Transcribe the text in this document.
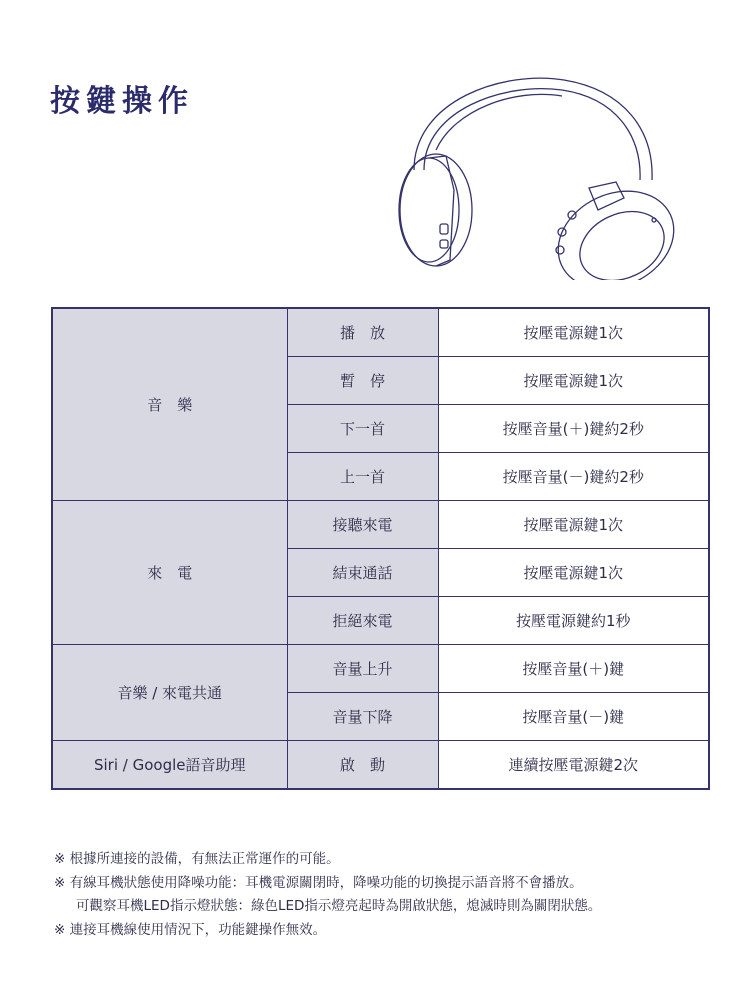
按鍵操作
音　樂	播　放	按壓電源鍵1次
	暫　停	按壓電源鍵1次
	下一首	按壓音量(＋)鍵約2秒
	上一首	按壓音量(－)鍵約2秒
來　電	接聽來電	按壓電源鍵1次
	結束通話	按壓電源鍵1次
	拒絕來電	按壓電源鍵約1秒
音樂 / 來電共通	音量上升	按壓音量(＋)鍵
	音量下降	按壓音量(－)鍵
Siri / Google語音助理	啟　動	連續按壓電源鍵2次
※ 根據所連接的設備，有無法正常運作的可能。
※ 有線耳機狀態使用降噪功能：耳機電源關閉時，降噪功能的切換提示語音將不會播放。
可觀察耳機LED指示燈狀態：綠色LED指示燈亮起時為開啟狀態，熄滅時則為關閉狀態。
※ 連接耳機線使用情況下，功能鍵操作無效。
